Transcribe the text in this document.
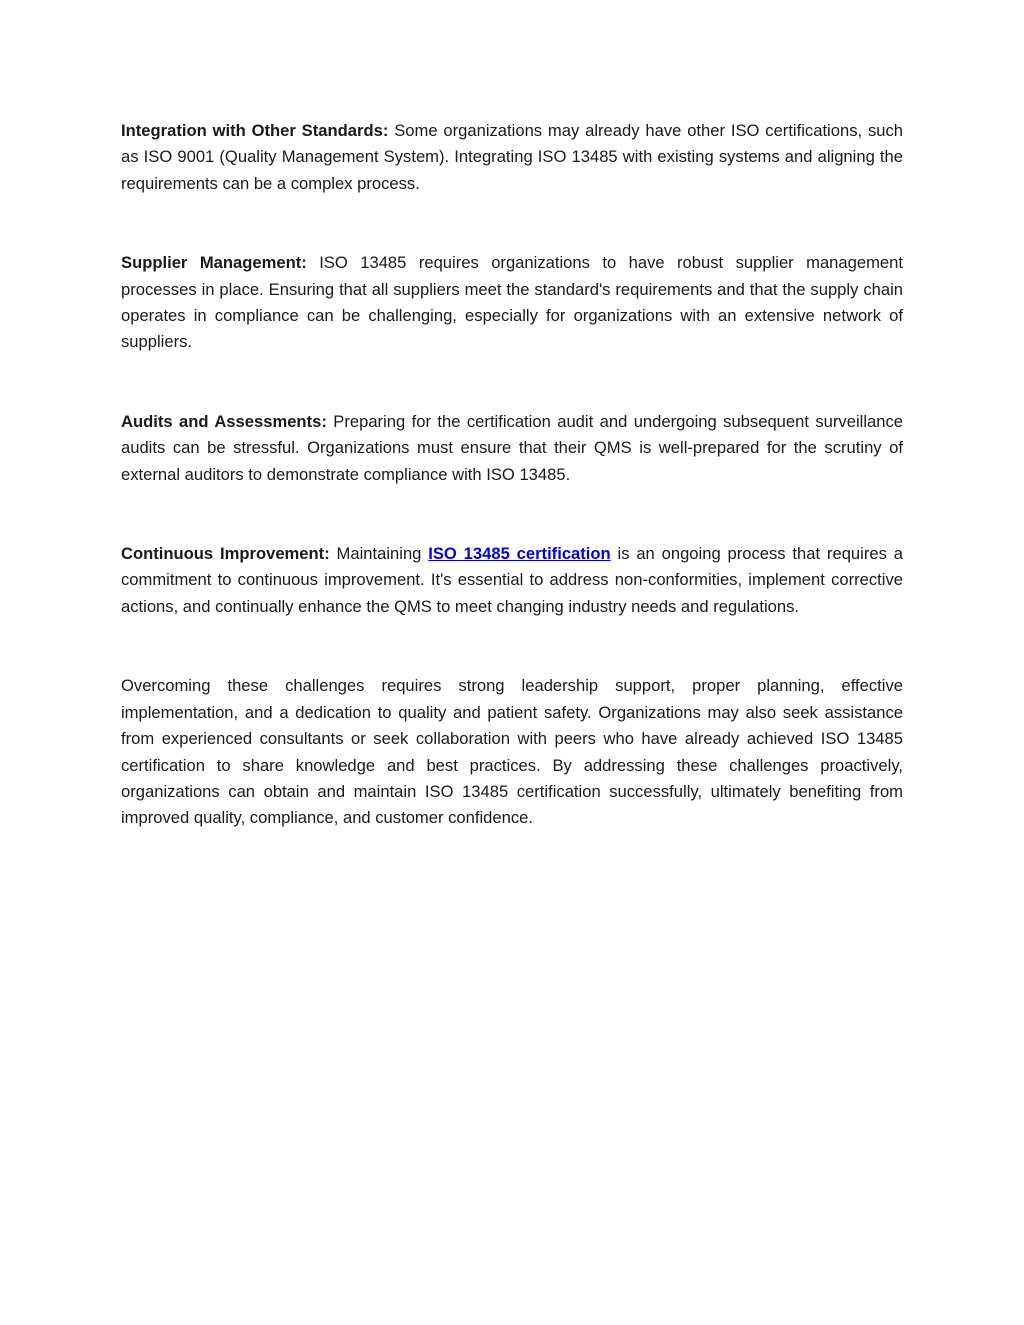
Integration with Other Standards: Some organizations may already have other ISO certifications, such as ISO 9001 (Quality Management System). Integrating ISO 13485 with existing systems and aligning the requirements can be a complex process.

Supplier Management: ISO 13485 requires organizations to have robust supplier management processes in place. Ensuring that all suppliers meet the standard's requirements and that the supply chain operates in compliance can be challenging, especially for organizations with an extensive network of suppliers.

Audits and Assessments: Preparing for the certification audit and undergoing subsequent surveillance audits can be stressful. Organizations must ensure that their QMS is well-prepared for the scrutiny of external auditors to demonstrate compliance with ISO 13485.

Continuous Improvement: Maintaining ISO 13485 certification is an ongoing process that requires a commitment to continuous improvement. It's essential to address non-conformities, implement corrective actions, and continually enhance the QMS to meet changing industry needs and regulations.

Overcoming these challenges requires strong leadership support, proper planning, effective implementation, and a dedication to quality and patient safety. Organizations may also seek assistance from experienced consultants or seek collaboration with peers who have already achieved ISO 13485 certification to share knowledge and best practices. By addressing these challenges proactively, organizations can obtain and maintain ISO 13485 certification successfully, ultimately benefiting from improved quality, compliance, and customer confidence.
